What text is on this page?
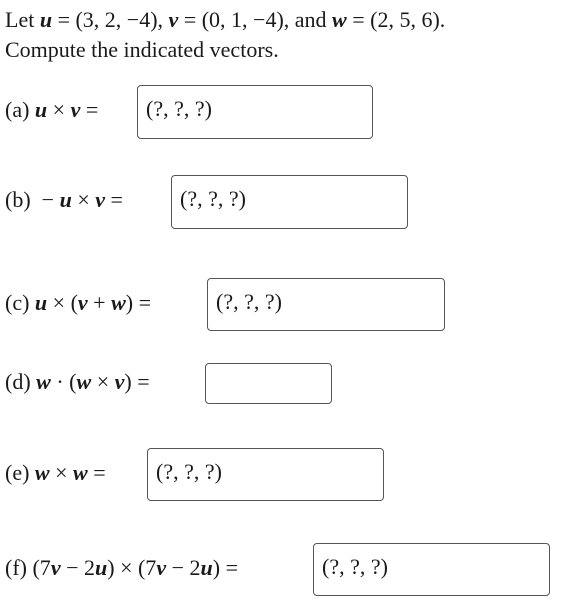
Let u = (3, 2, −4), v = (0, 1, −4), and w = (2, 5, 6).
Compute the indicated vectors.
(a) u × v =	(?, ?, ?)
(b)  − u × v =	(?, ?, ?)
(c) u × (v + w) =	(?, ?, ?)
(d) w · (w × v) =
(e) w × w =	(?, ?, ?)
(f) (7v − 2u) × (7v − 2u) =	(?, ?, ?)
